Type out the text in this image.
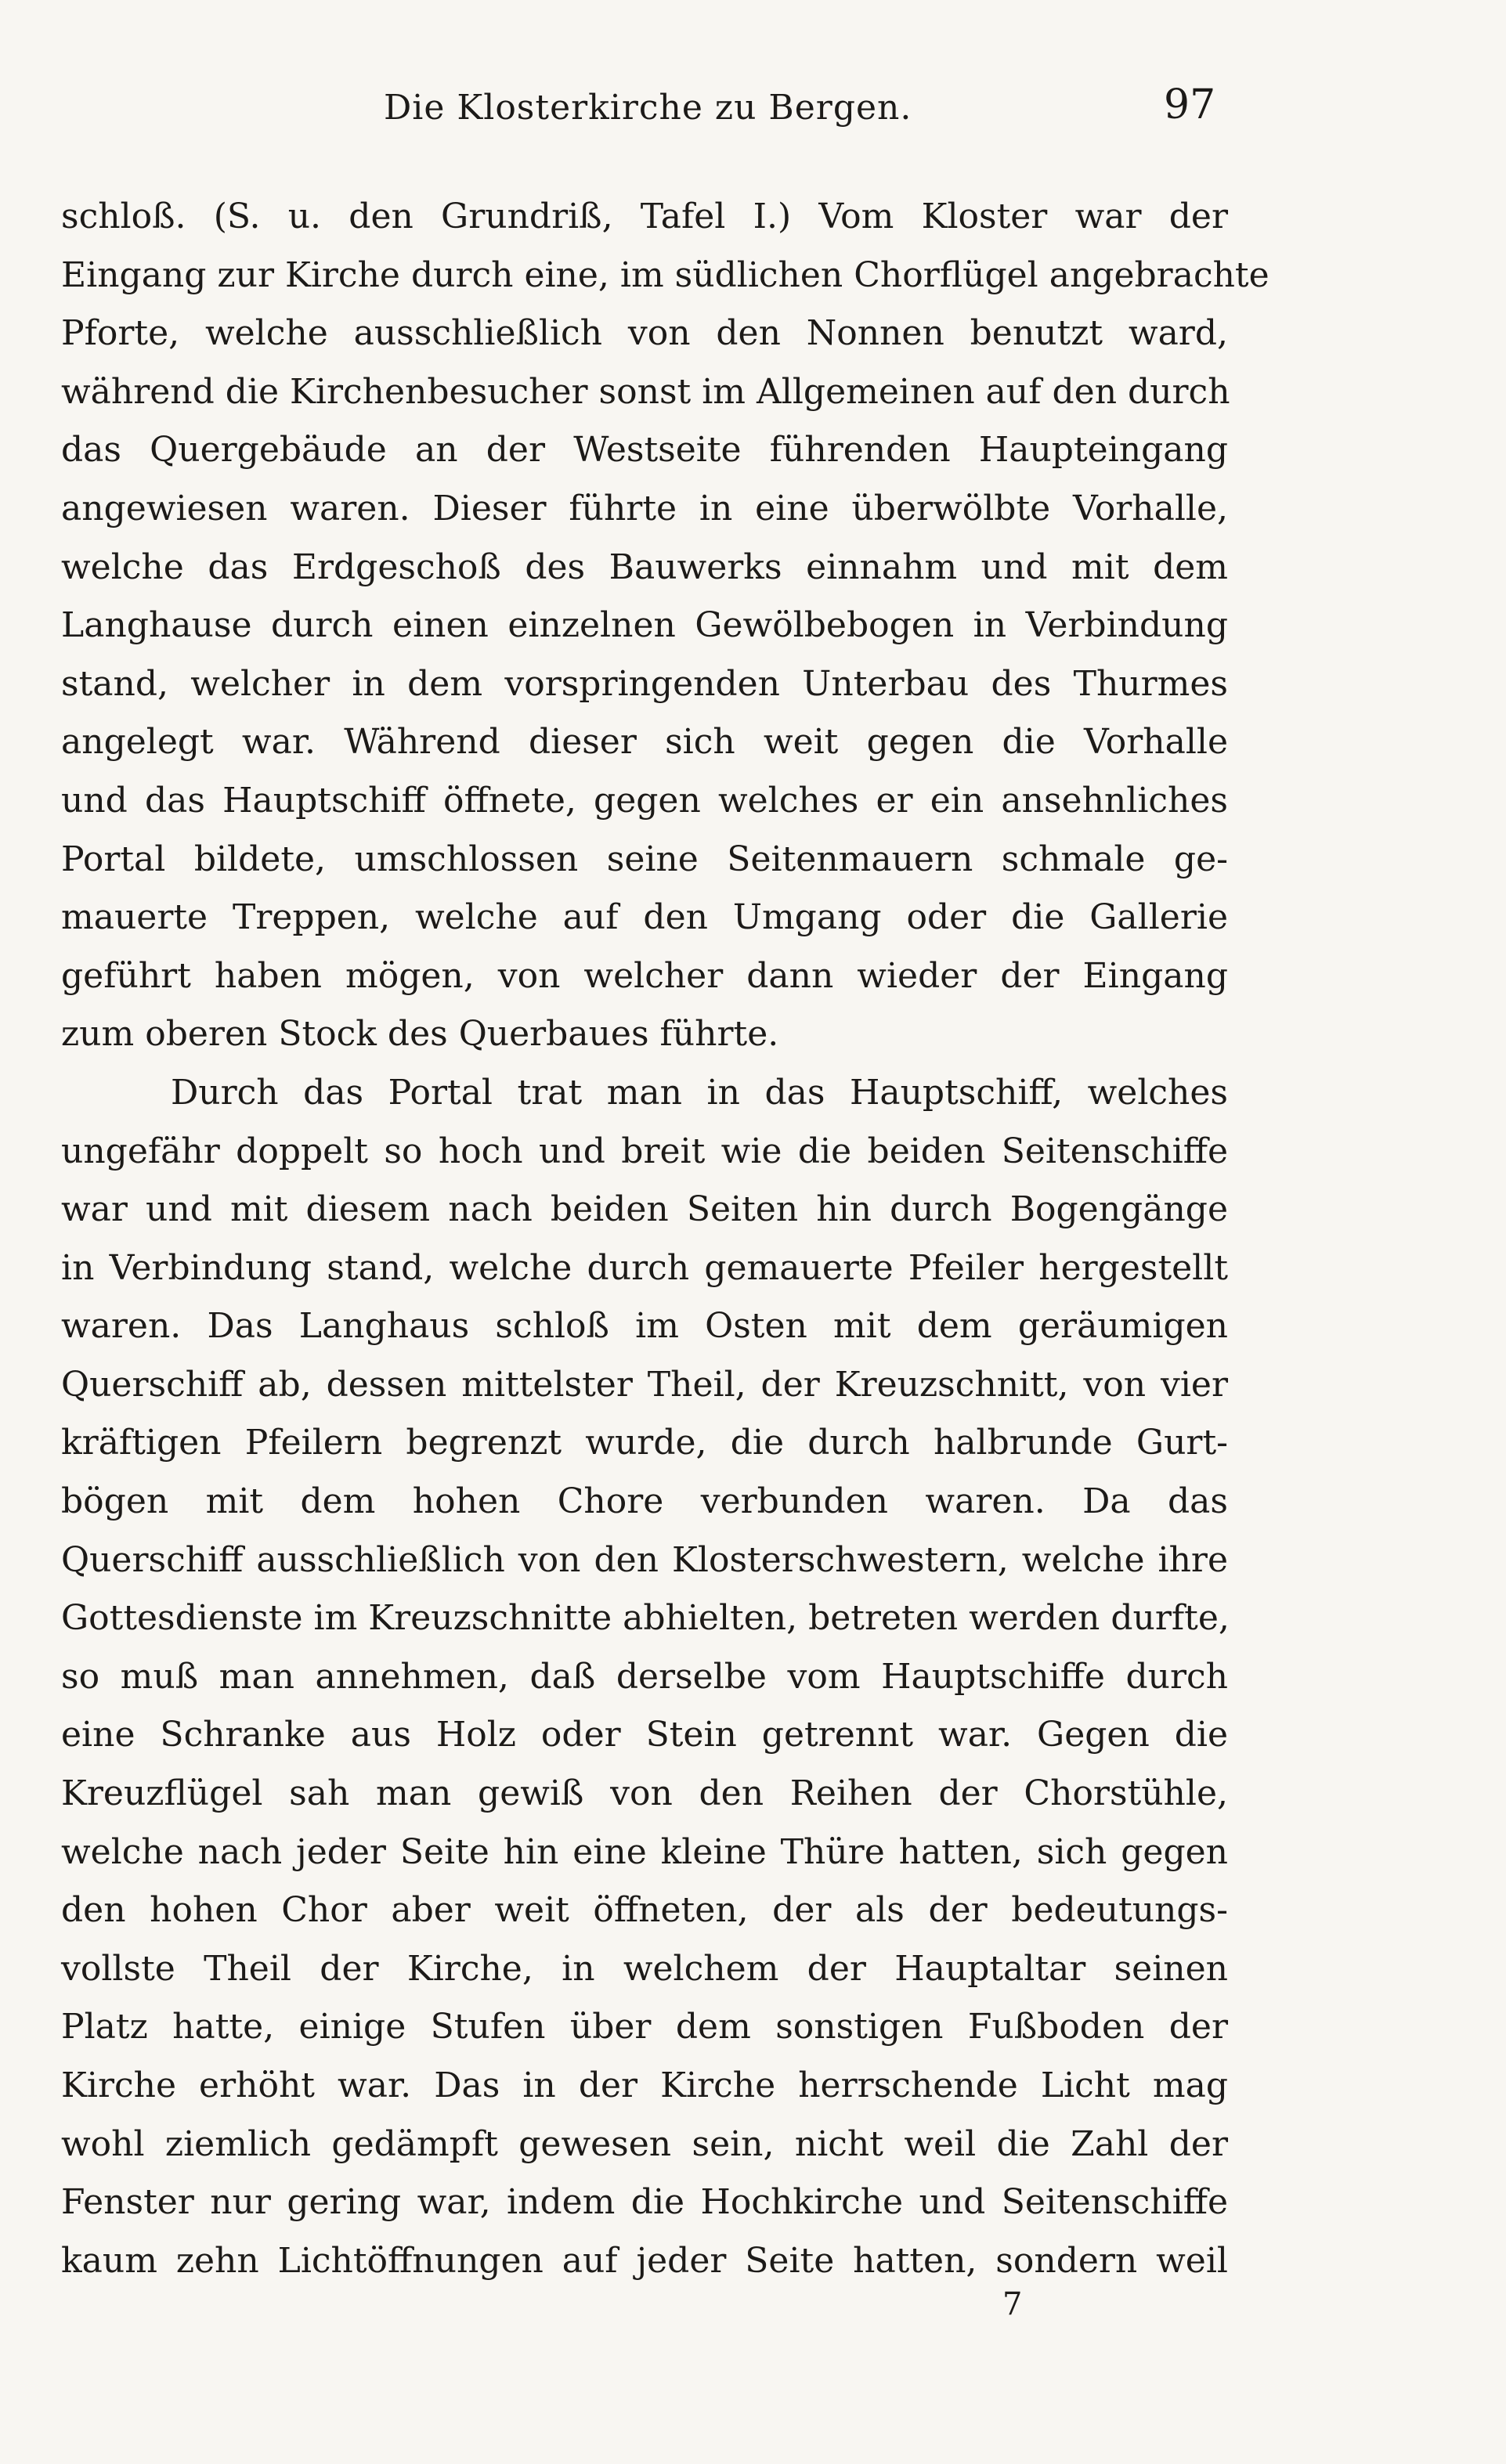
Die Klosterkirche zu Bergen.	97
schloß. (S. u. den Grundriß, Tafel I.) Vom Kloster war der
Eingang zur Kirche durch eine, im südlichen Chorflügel angebrachte
Pforte, welche ausschließlich von den Nonnen benutzt ward,
während die Kirchenbesucher sonst im Allgemeinen auf den durch
das Quergebäude an der Westseite führenden Haupteingang
angewiesen waren. Dieser führte in eine überwölbte Vorhalle,
welche das Erdgeschoß des Bauwerks einnahm und mit dem
Langhause durch einen einzelnen Gewölbebogen in Verbindung
stand, welcher in dem vorspringenden Unterbau des Thurmes
angelegt war. Während dieser sich weit gegen die Vorhalle
und das Hauptschiff öffnete, gegen welches er ein ansehnliches
Portal bildete, umschlossen seine Seitenmauern schmale ge-
mauerte Treppen, welche auf den Umgang oder die Gallerie
geführt haben mögen, von welcher dann wieder der Eingang
zum oberen Stock des Querbaues führte.
Durch das Portal trat man in das Hauptschiff, welches
ungefähr doppelt so hoch und breit wie die beiden Seitenschiffe
war und mit diesem nach beiden Seiten hin durch Bogengänge
in Verbindung stand, welche durch gemauerte Pfeiler hergestellt
waren. Das Langhaus schloß im Osten mit dem geräumigen
Querschiff ab, dessen mittelster Theil, der Kreuzschnitt, von vier
kräftigen Pfeilern begrenzt wurde, die durch halbrunde Gurt-
bögen mit dem hohen Chore verbunden waren. Da das
Querschiff ausschließlich von den Klosterschwestern, welche ihre
Gottesdienste im Kreuzschnitte abhielten, betreten werden durfte,
so muß man annehmen, daß derselbe vom Hauptschiffe durch
eine Schranke aus Holz oder Stein getrennt war. Gegen die
Kreuzflügel sah man gewiß von den Reihen der Chorstühle,
welche nach jeder Seite hin eine kleine Thüre hatten, sich gegen
den hohen Chor aber weit öffneten, der als der bedeutungs-
vollste Theil der Kirche, in welchem der Hauptaltar seinen
Platz hatte, einige Stufen über dem sonstigen Fußboden der
Kirche erhöht war. Das in der Kirche herrschende Licht mag
wohl ziemlich gedämpft gewesen sein, nicht weil die Zahl der
Fenster nur gering war, indem die Hochkirche und Seitenschiffe
kaum zehn Lichtöffnungen auf jeder Seite hatten, sondern weil
7
